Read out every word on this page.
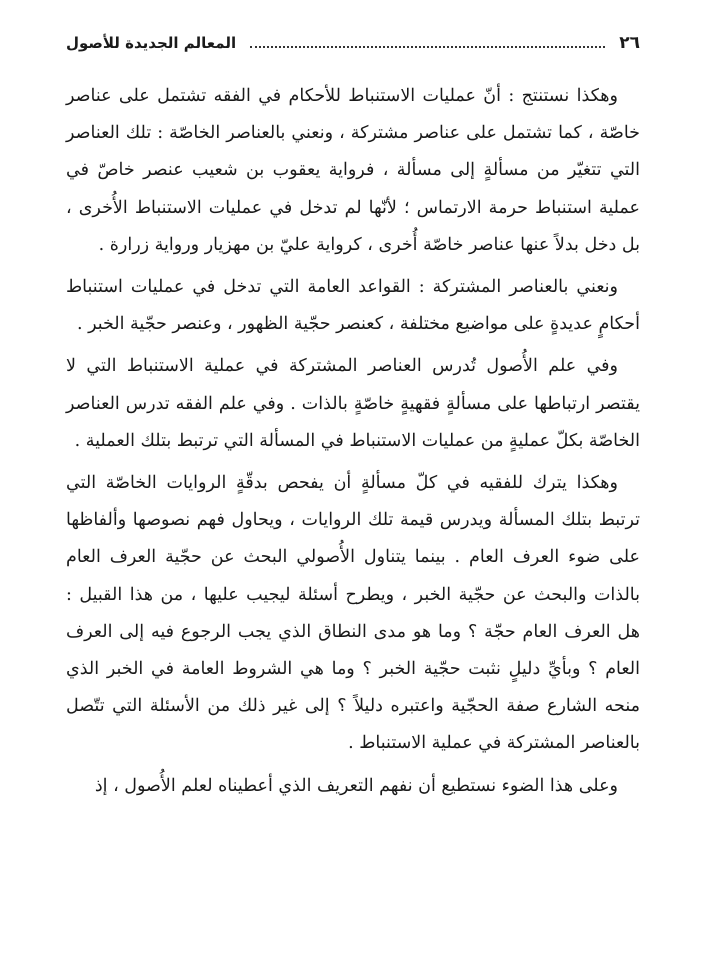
٢٦
المعالم الجديدة للأصول

وهكذا نستنتج : أنّ عمليات الاستنباط للأحكام في الفقه تشتمل على عناصر خاصّة ، كما تشتمل على عناصر مشتركة ، ونعني بالعناصر الخاصّة : تلك العناصر التي تتغيّر من مسألةٍ إلى مسألة ، فرواية يعقوب بن شعيب عنصر خاصّ في عملية استنباط حرمة الارتماس ؛ لأنّها لم تدخل في عمليات الاستنباط الأُخرى ، بل دخل بدلاً عنها عناصر خاصّة أُخرى ، كرواية عليّ بن مهزيار ورواية زرارة .

ونعني بالعناصر المشتركة : القواعد العامة التي تدخل في عمليات استنباط أحكامٍ عديدةٍ على مواضيع مختلفة ، كعنصر حجّية الظهور ، وعنصر حجّية الخبر .

وفي علم الأُصول تُدرس العناصر المشتركة في عملية الاستنباط التي لا يقتصر ارتباطها على مسألةٍ فقهيةٍ خاصّةٍ بالذات . وفي علم الفقه تدرس العناصر الخاصّة بكلّ عمليةٍ من عمليات الاستنباط في المسألة التي ترتبط بتلك العملية .

وهكذا يترك للفقيه في كلّ مسألةٍ أن يفحص بدقّةٍ الروايات الخاصّة التي ترتبط بتلك المسألة ويدرس قيمة تلك الروايات ، ويحاول فهم نصوصها وألفاظها على ضوء العرف العام . بينما يتناول الأُصولي البحث عن حجّية العرف العام بالذات والبحث عن حجّية الخبر ، ويطرح أسئلة ليجيب عليها ، من هذا القبيل : هل العرف العام حجّة ؟ وما هو مدى النطاق الذي يجب الرجوع فيه إلى العرف العام ؟ وبأيِّ دليلٍ نثبت حجّية الخبر ؟ وما هي الشروط العامة في الخبر الذي منحه الشارع صفة الحجّية واعتبره دليلاً ؟ إلى غير ذلك من الأسئلة التي تتّصل بالعناصر المشتركة في عملية الاستنباط .

وعلى هذا الضوء نستطيع أن نفهم التعريف الذي أعطيناه لعلم الأُصول ، إذ
